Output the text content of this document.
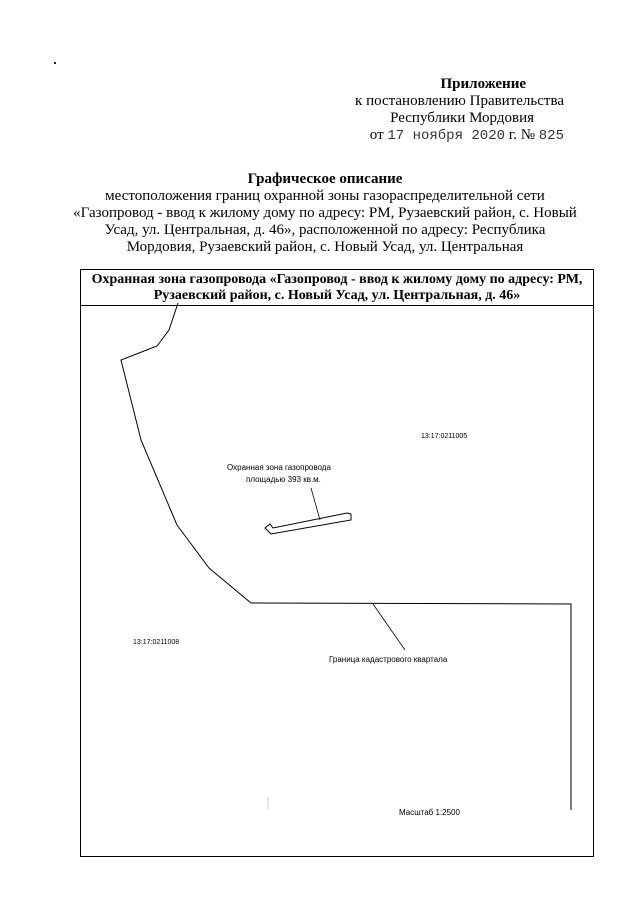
Приложение
к постановлению Правительства
Республики Мордовия
от 17 ноября 2020 г. № 825
Графическое описание
местоположения границ охранной зоны газораспределительной сети
«Газопровод - ввод к жилому дому по адресу: РМ, Рузаевский район, с. Новый
Усад, ул. Центральная, д. 46», расположенной по адресу: Республика
Мордовия, Рузаевский район, с. Новый Усад, ул. Центральная
Охранная зона газопровода «Газопровод - ввод к жилому дому по адресу: РМ,
Рузаевский район, с. Новый Усад, ул. Центральная, д. 46»
13:17:0211005
13:17:0211008
Охранная зона газопровода
площадью 393 кв.м.
Граница кадастрового квартала
Масштаб 1:2500
